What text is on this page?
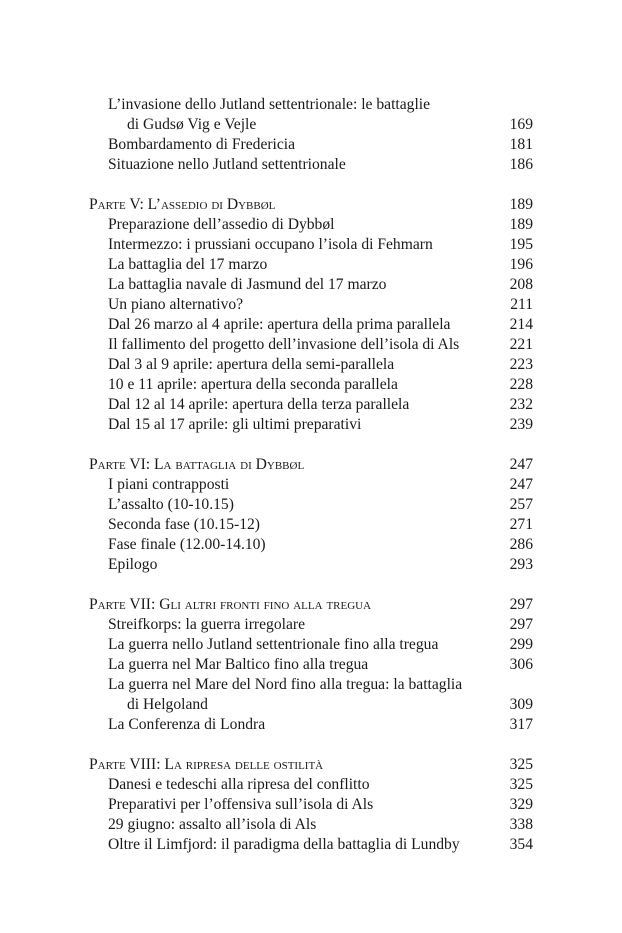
L’invasione dello Jutland settentrionale: le battaglie
di Gudsø Vig e Vejle	169
Bombardamento di Fredericia	181
Situazione nello Jutland settentrionale	186
Parte V: L’assedio di Dybbøl	189
Preparazione dell’assedio di Dybbøl	189
Intermezzo: i prussiani occupano l’isola di Fehmarn	195
La battaglia del 17 marzo	196
La battaglia navale di Jasmund del 17 marzo	208
Un piano alternativo?	211
Dal 26 marzo al 4 aprile: apertura della prima parallela	214
Il fallimento del progetto dell’invasione dell’isola di Als	221
Dal 3 al 9 aprile: apertura della semi-parallela	223
10 e 11 aprile: apertura della seconda parallela	228
Dal 12 al 14 aprile: apertura della terza parallela	232
Dal 15 al 17 aprile: gli ultimi preparativi	239
Parte VI: La battaglia di Dybbøl	247
I piani contrapposti	247
L’assalto (10-10.15)	257
Seconda fase (10.15-12)	271
Fase finale (12.00-14.10)	286
Epilogo	293
Parte VII: Gli altri fronti fino alla tregua	297
Streifkorps: la guerra irregolare	297
La guerra nello Jutland settentrionale fino alla tregua	299
La guerra nel Mar Baltico fino alla tregua	306
La guerra nel Mare del Nord fino alla tregua: la battaglia
di Helgoland	309
La Conferenza di Londra	317
Parte VIII: La ripresa delle ostilità	325
Danesi e tedeschi alla ripresa del conflitto	325
Preparativi per l’offensiva sull’isola di Als	329
29 giugno: assalto all’isola di Als	338
Oltre il Limfjord: il paradigma della battaglia di Lundby	354
